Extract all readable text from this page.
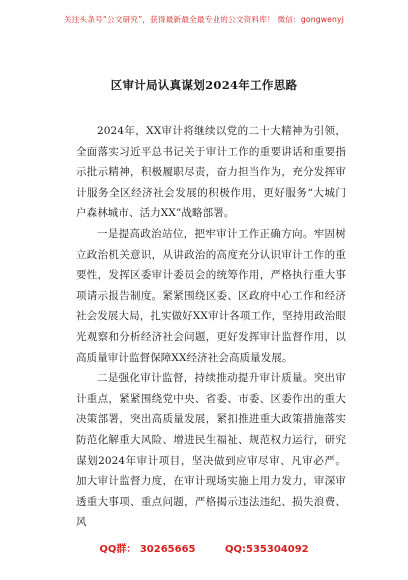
关注头条号“公文研究”，获得最新最全最专业的公文资料库！ 微信：gongwenyj
区审计局认真谋划2024年工作思路

2024年，XX审计将继续以党的二十大精神为引领，全面落实习近平总书记关于审计工作的重要讲话和重要指示批示精神，积极履职尽责，奋力担当作为，充分发挥审计服务全区经济社会发展的积极作用，更好服务“大城门户森林城市、活力XX”战略部署。

一是提高政治站位，把牢审计工作正确方向。牢固树立政治机关意识，从讲政治的高度充分认识审计工作的重要性，发挥区委审计委员会的统筹作用，严格执行重大事项请示报告制度。紧紧围绕区委、区政府中心工作和经济社会发展大局，扎实做好XX审计各项工作，坚持用政治眼光观察和分析经济社会问题，更好发挥审计监督作用，以高质量审计监督保障XX经济社会高质量发展。

二是强化审计监督，持续推动提升审计质量。突出审计重点，紧紧围绕党中央、省委、市委、区委作出的重大决策部署，突出高质量发展，紧扣推进重大政策措施落实防范化解重大风险、增进民生福祉、规范权力运行，研究谋划2024年审计项目，坚决做到应审尽审、凡审必严。加大审计监督力度，在审计现场实施上用力发力，审深审透重大事项、重点问题，严格揭示违法违纪、损失浪费、风

QQ群： 30265665	QQ:535304092
